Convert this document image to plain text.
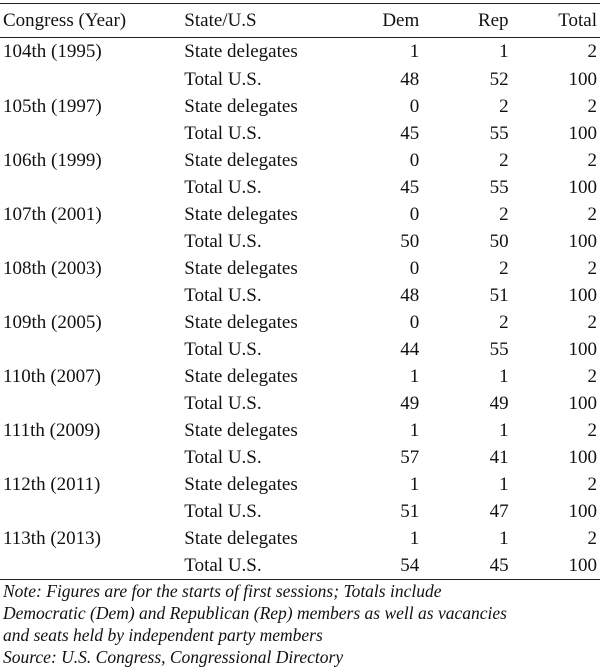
Congress (Year)	State/U.S	Dem	Rep	Total
104th (1995)	State delegates	1	1	2
	Total U.S.	48	52	100
105th (1997)	State delegates	0	2	2
	Total U.S.	45	55	100
106th (1999)	State delegates	0	2	2
	Total U.S.	45	55	100
107th (2001)	State delegates	0	2	2
	Total U.S.	50	50	100
108th (2003)	State delegates	0	2	2
	Total U.S.	48	51	100
109th (2005)	State delegates	0	2	2
	Total U.S.	44	55	100
110th (2007)	State delegates	1	1	2
	Total U.S.	49	49	100
111th (2009)	State delegates	1	1	2
	Total U.S.	57	41	100
112th (2011)	State delegates	1	1	2
	Total U.S.	51	47	100
113th (2013)	State delegates	1	1	2
	Total U.S.	54	45	100
Note: Figures are for the starts of first sessions; Totals include
Democratic (Dem) and Republican (Rep) members as well as vacancies
and seats held by independent party members
Source: U.S. Congress, Congressional Directory
